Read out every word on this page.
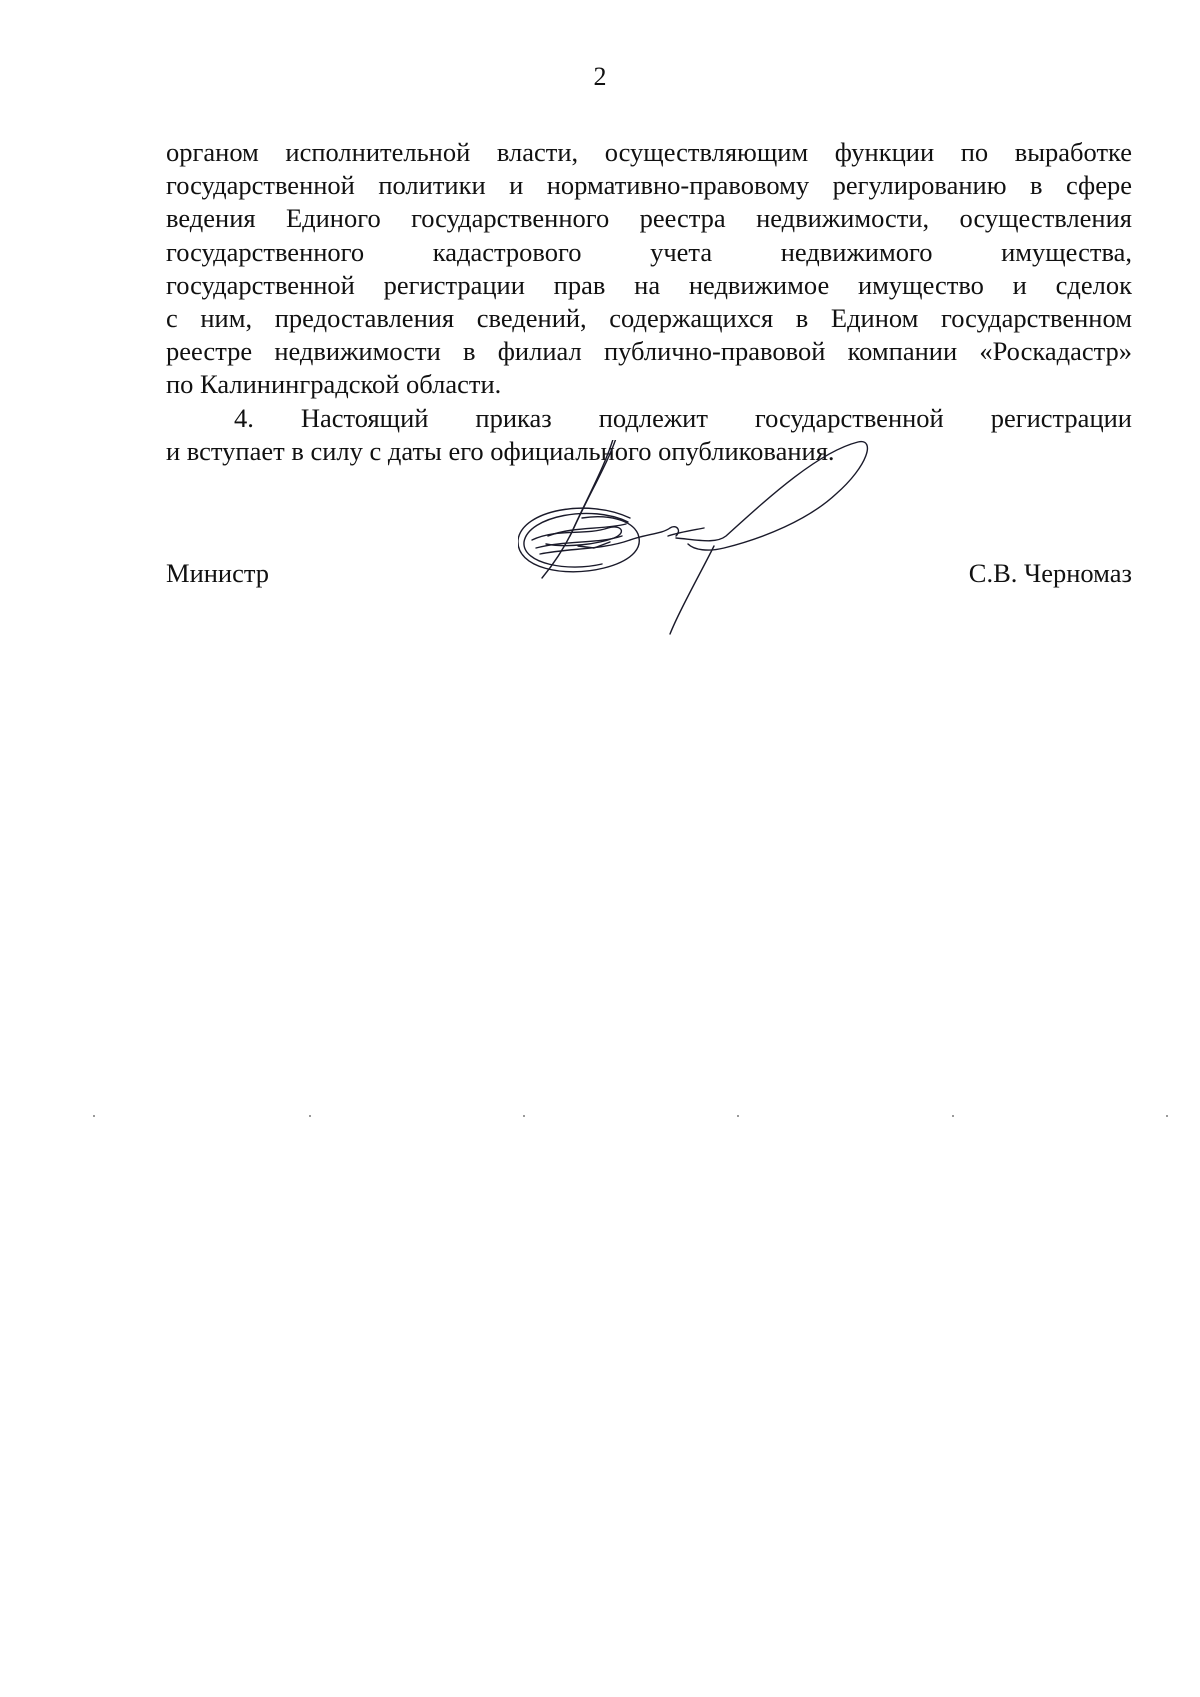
2

органом исполнительной власти, осуществляющим функции по выработке

государственной политики и нормативно-правовому регулированию в сфере

ведения Единого государственного реестра недвижимости, осуществления

государственного кадастрового учета недвижимого имущества,

государственной регистрации прав на недвижимое имущество и сделок

с ним, предоставления сведений, содержащихся в Едином государственном

реестре недвижимости в филиал публично-правовой компании «Роскадастр»

по Калининградской области.

4. Настоящий приказ подлежит государственной регистрации

и вступает в силу с даты его официального опубликования.

Министр	С.В. Черномаз
